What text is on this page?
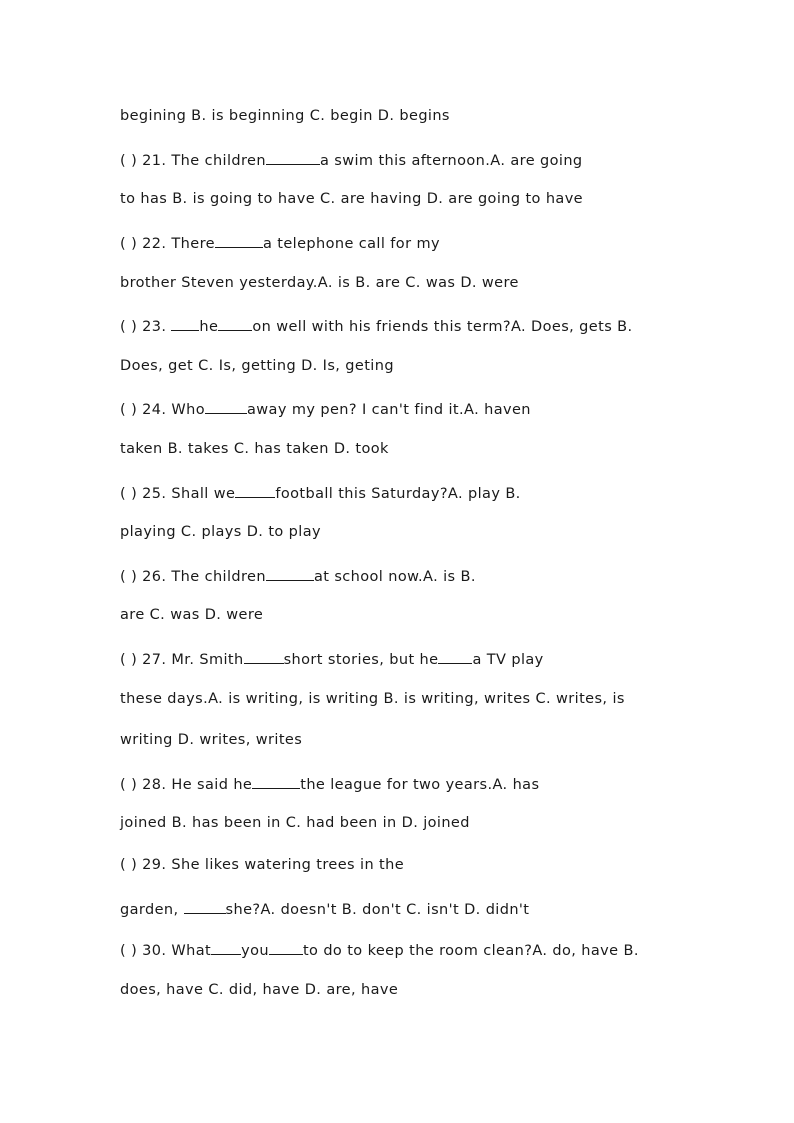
begining B. is beginning C. begin D. begins
( ) 21. The children	a swim this afternoon.A. are going
to has B. is going to have C. are having D. are going to have
( ) 22. There	a telephone call for my
brother Steven yesterday.A. is B. are C. was D. were
( ) 23. he on well with his friends this term?A. Does, gets B.
Does, get C. Is, getting D. Is, geting
( ) 24. Who	away my pen? I can't find it.A. haven
taken B. takes C. has taken D. took
( ) 25. Shall we	football this Saturday?A. play B.
playing C. plays D. to play
( ) 26. The children	at school now.A. is B.
are C. was D. were
( ) 27. Mr. Smith	short stories, but he a TV play
these days.A. is writing, is writing B. is writing, writes C. writes, is
writing D. writes, writes
( ) 28. He said he	the league for two years.A. has
joined B. has been in C. had been in D. joined
( ) 29. She likes watering trees in the
garden,	she?A. doesn't B. don't C. isn't D. didn't
( ) 30. What you to do to keep the room clean?A. do, have B.
does, have C. did, have D. are, have
